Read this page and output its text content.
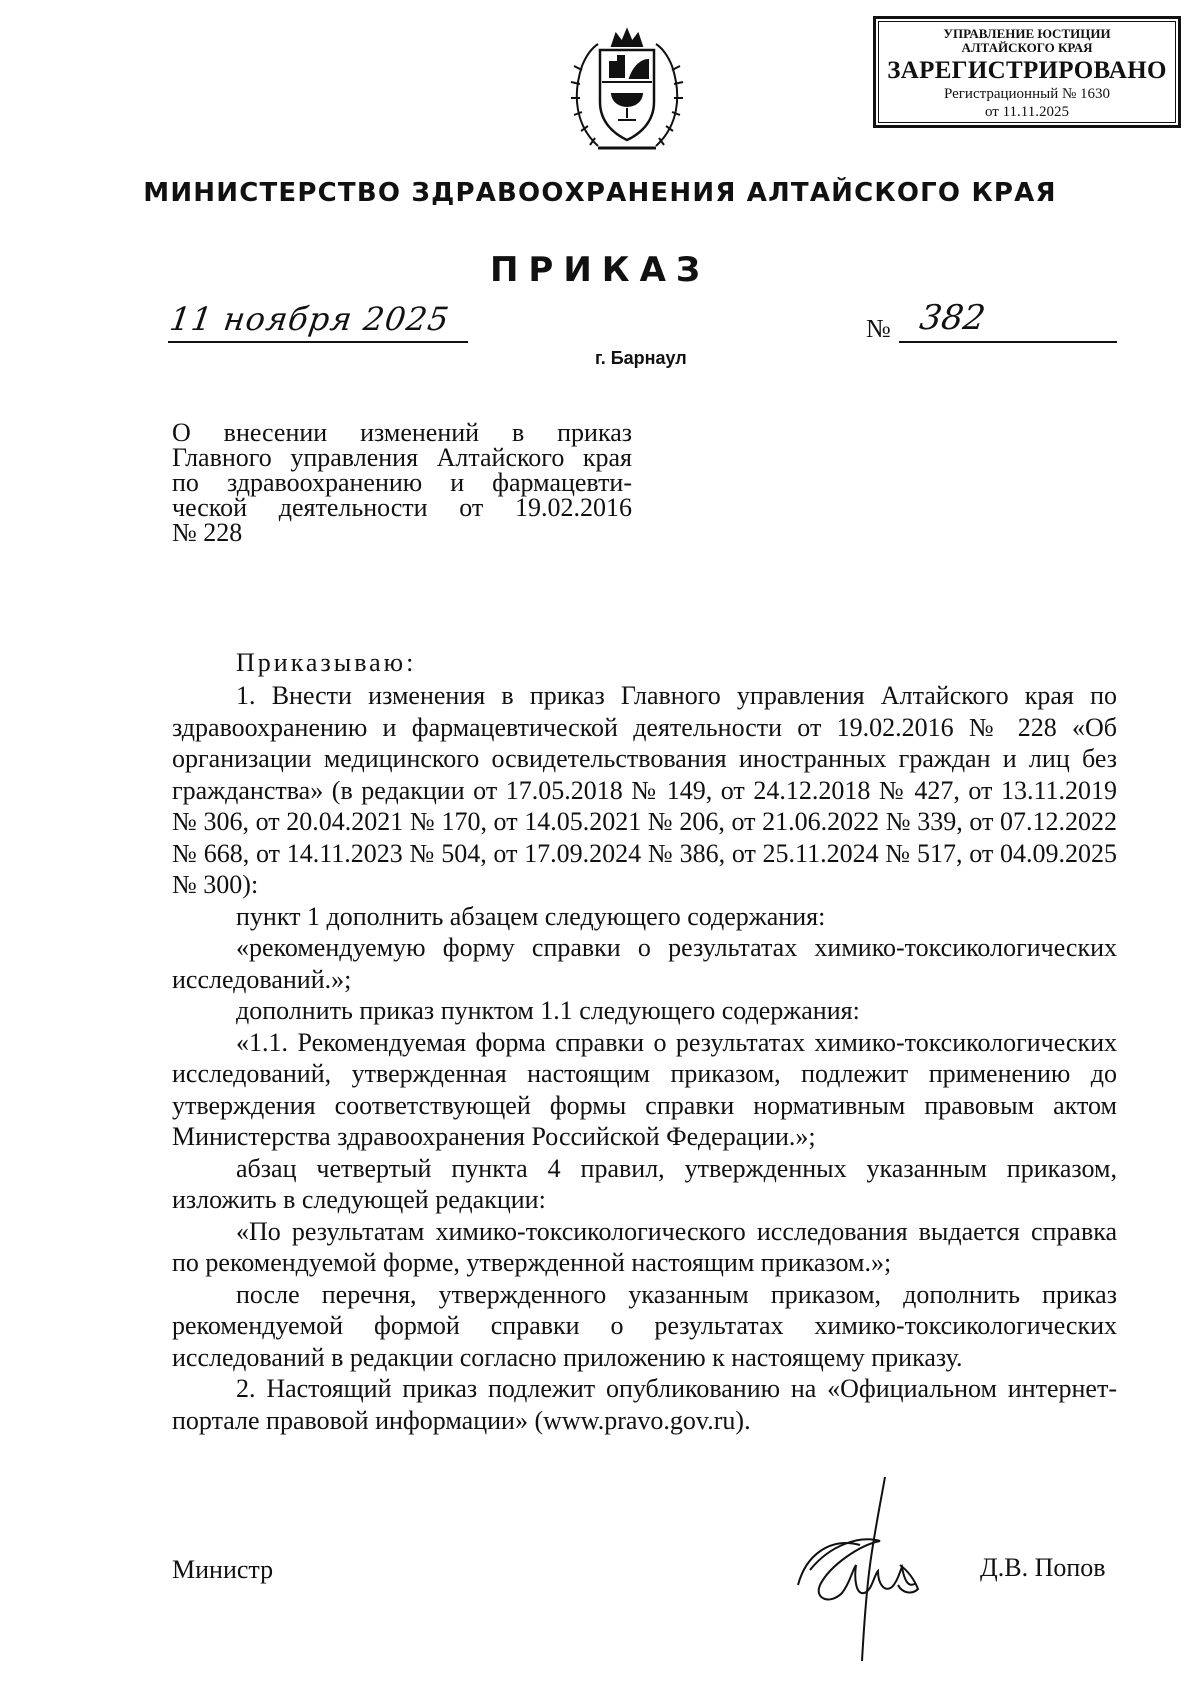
УПРАВЛЕНИЕ ЮСТИЦИИ
АЛТАЙСКОГО КРАЯ
ЗАРЕГИСТРИРОВАНО
Регистрационный № 1630
от 11.11.2025
МИНИСТЕРСТВО ЗДРАВООХРАНЕНИЯ АЛТАЙСКОГО КРАЯ
ПРИКАЗ
11 ноября 2025	№ 382
г. Барнаул
О внесении изменений в приказ
Главного управления Алтайского края
по здравоохранению и фармацевти-
ческой деятельности от 19.02.2016
№ 228
Приказываю:

1. Внести изменения в приказ Главного управления Алтайского края по здравоохранению и фармацевтической деятельности от 19.02.2016 № 228 «Об организации медицинского освидетельствования иностранных граждан и лиц без гражданства» (в редакции от 17.05.2018 № 149, от 24.12.2018 № 427, от 13.11.2019 № 306, от 20.04.2021 № 170, от 14.05.2021 № 206, от 21.06.2022 № 339, от 07.12.2022 № 668, от 14.11.2023 № 504, от 17.09.2024 № 386, от 25.11.2024 № 517, от 04.09.2025 № 300):

пункт 1 дополнить абзацем следующего содержания:

«рекомендуемую форму справки о результатах химико-токсикологических исследований.»;

дополнить приказ пунктом 1.1 следующего содержания:

«1.1. Рекомендуемая форма справки о результатах химико-токсикологических исследований, утвержденная настоящим приказом, подлежит применению до утверждения соответствующей формы справки нормативным правовым актом Министерства здравоохранения Российской Федерации.»;

абзац четвертый пункта 4 правил, утвержденных указанным приказом, изложить в следующей редакции:

«По результатам химико-токсикологического исследования выдается справка по рекомендуемой форме, утвержденной настоящим приказом.»;

после перечня, утвержденного указанным приказом, дополнить приказ рекомендуемой формой справки о результатах химико-токсикологических исследований в редакции согласно приложению к настоящему приказу.

2. Настоящий приказ подлежит опубликованию на «Официальном интернет-портале правовой информации» (www.pravo.gov.ru).

Министр	Д.В. Попов
